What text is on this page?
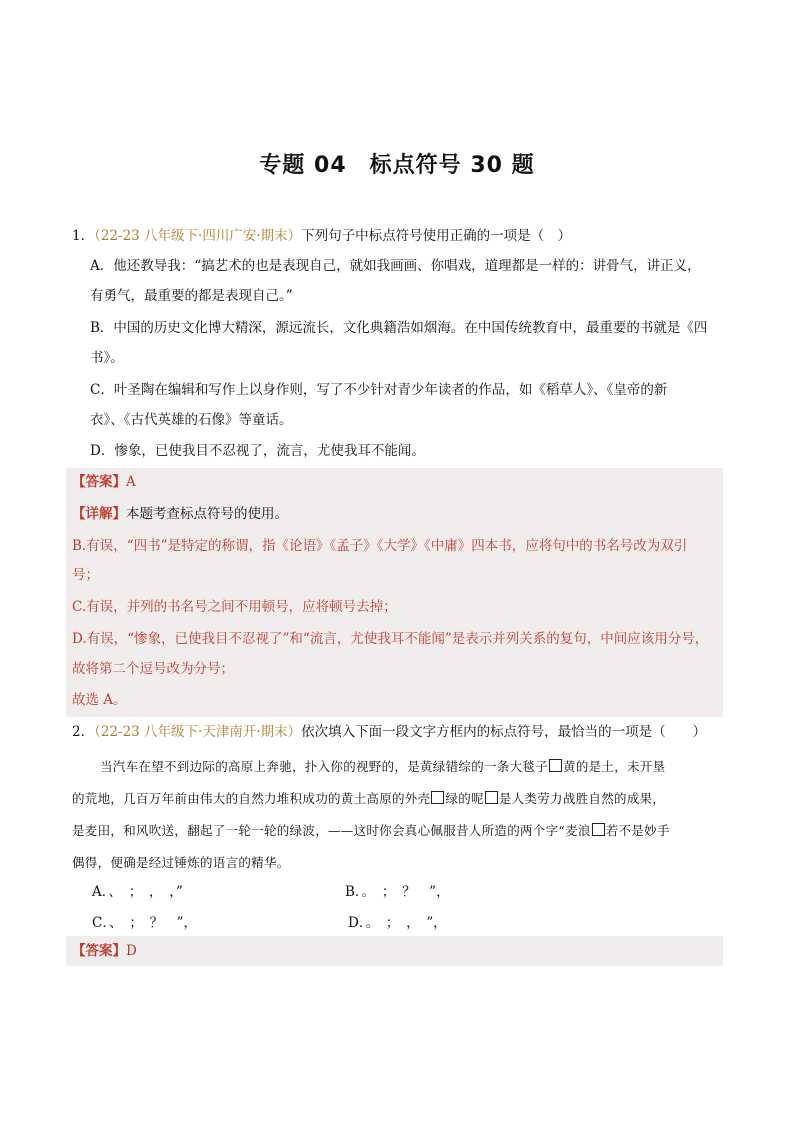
专题 04　标点符号 30 题
1．（22-23 八年级下·四川广安·期末）下列句子中标点符号使用正确的一项是（　）
A．他还教导我：“搞艺术的也是表现自己，就如我画画、你唱戏，道理都是一样的：讲骨气，讲正义，
有勇气，最重要的都是表现自己。”
B．中国的历史文化博大精深，源远流长，文化典籍浩如烟海。在中国传统教育中，最重要的书就是《四
书》。
C．叶圣陶在编辑和写作上以身作则，写了不少针对青少年读者的作品，如《稻草人》、《皇帝的新
衣》、《古代英雄的石像》等童话。
D．惨象，已使我目不忍视了，流言，尤使我耳不能闻。
【答案】A
【详解】本题考查标点符号的使用。
B.有误，“四书”是特定的称谓，指《论语》《孟子》《大学》《中庸》四本书，应将句中的书名号改为双引
号；
C.有误，并列的书名号之间不用顿号，应将顿号去掉；
D.有误，“惨象，已使我目不忍视了”和“流言，尤使我耳不能闻”是表示并列关系的复句，中间应该用分号，
故将第二个逗号改为分号；
故选 A。
2．（22-23 八年级下·天津南开·期末）依次填入下面一段文字方框内的标点符号，最恰当的一项是（　　）
当汽车在望不到边际的高原上奔驰，扑入你的视野的，是黄绿错综的一条大毯子 黄的是土，未开垦
的荒地，几百万年前由伟大的自然力堆积成功的黄土高原的外壳 绿的呢 是人类劳力战胜自然的成果，
是麦田，和风吹送，翻起了一轮一轮的绿波，——这时你会真心佩服昔人所造的两个字“麦浪 若不是妙手
偶得，便确是经过锤炼的语言的精华。
A．、　；　，　，”	B．。　；　？　”，
C．、　；　？　”，	D．。　；　，　”，
【答案】D
